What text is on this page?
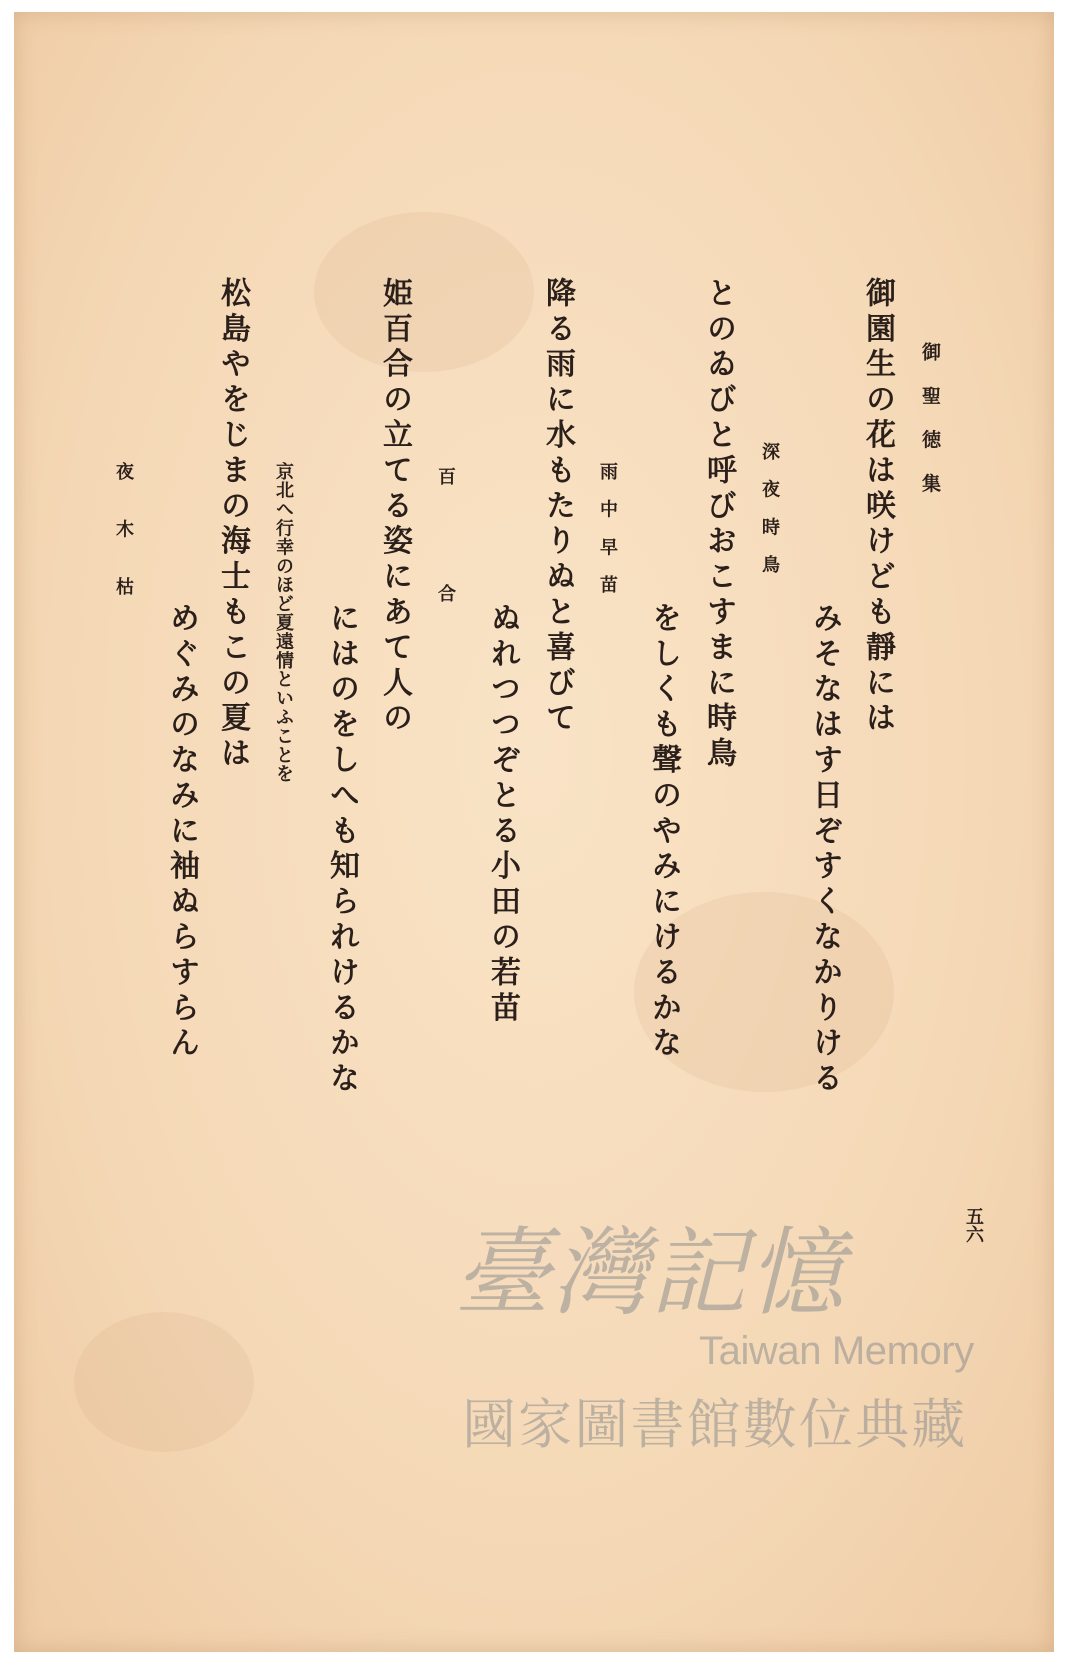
御聖徳集
御園生の花は咲けども靜には
みそなはす日ぞすくなかりける
深夜時鳥
とのゐびと呼びおこすまに時鳥
をしくも聲のやみにけるかな
雨中早苗
降る雨に水もたりぬと喜びて
ぬれつつぞとる小田の若苗
百合
姫百合の立てる姿にあて人の
にはのをしへも知られけるかな
京北へ行幸のほど夏遠情といふことを
松島やをじまの海士もこの夏は
めぐみのなみに袖ぬらすらん
夜木枯
五六
臺灣記憶
Taiwan Memory
國家圖書館數位典藏
